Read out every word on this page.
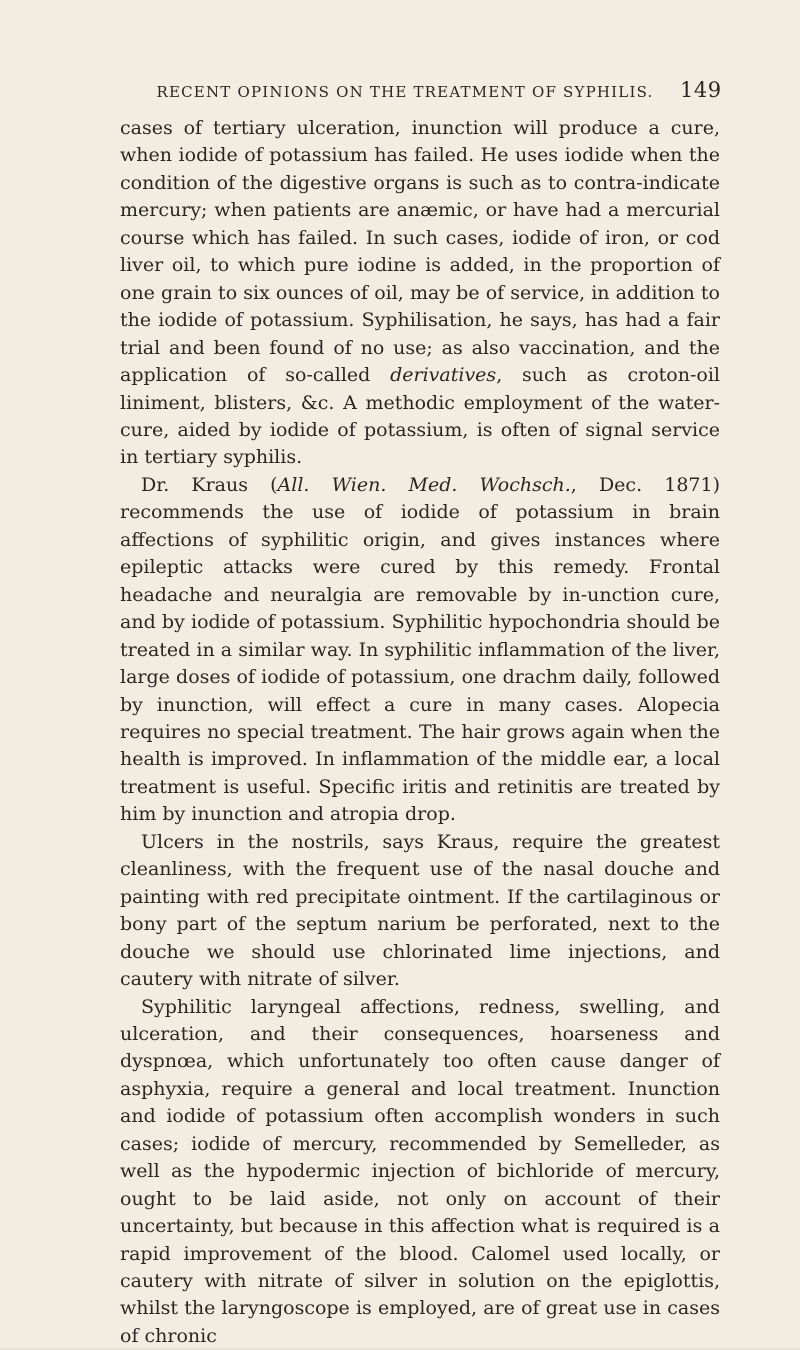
RECENT OPINIONS ON THE TREATMENT OF SYPHILIS.	149

cases of tertiary ulceration, inunction will produce a cure, when iodide of potassium has failed. He uses iodide when the condition of the digestive organs is such as to contra-indicate mercury; when patients are anæmic, or have had a mercurial course which has failed. In such cases, iodide of iron, or cod liver oil, to which pure iodine is added, in the proportion of one grain to six ounces of oil, may be of service, in addition to the iodide of potassium. Syphilisation, he says, has had a fair trial and been found of no use; as also vaccination, and the application of so-called derivatives, such as croton-oil liniment, blisters, &c. A methodic employment of the water-cure, aided by iodide of potassium, is often of signal service in tertiary syphilis.

Dr. Kraus (All. Wien. Med. Wochsch., Dec. 1871) recommends the use of iodide of potassium in brain affections of syphilitic origin, and gives instances where epileptic attacks were cured by this remedy. Frontal headache and neuralgia are removable by in-unction cure, and by iodide of potassium. Syphilitic hypochondria should be treated in a similar way. In syphilitic inflammation of the liver, large doses of iodide of potassium, one drachm daily, followed by inunction, will effect a cure in many cases. Alopecia requires no special treatment. The hair grows again when the health is improved. In inflammation of the middle ear, a local treatment is useful. Specific iritis and retinitis are treated by him by inunction and atropia drop.

Ulcers in the nostrils, says Kraus, require the greatest cleanliness, with the frequent use of the nasal douche and painting with red precipitate ointment. If the cartilaginous or bony part of the septum narium be perforated, next to the douche we should use chlorinated lime injections, and cautery with nitrate of silver.

Syphilitic laryngeal affections, redness, swelling, and ulceration, and their consequences, hoarseness and dyspnœa, which unfortunately too often cause danger of asphyxia, require a general and local treatment. Inunction and iodide of potassium often accomplish wonders in such cases; iodide of mercury, recommended by Semelleder, as well as the hypodermic injection of bichloride of mercury, ought to be laid aside, not only on account of their uncertainty, but because in this affection what is required is a rapid improvement of the blood. Calomel used locally, or cautery with nitrate of silver in solution on the epiglottis, whilst the laryngoscope is employed, are of great use in cases of chronic
